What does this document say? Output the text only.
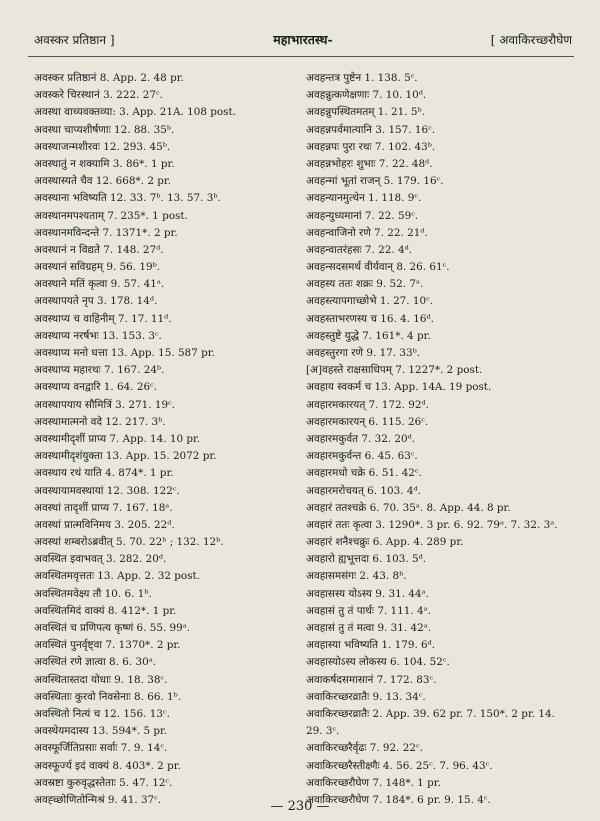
अवस्कर प्रतिष्ठान ]	महाभारतस्थ-	[ अवाकिरच्छरौघेण
अवस्कर प्रतिष्ठानं 8. App. 2. 48 pr.
अवस्करे चिरस्थानं 3. 222. 27ᶜ.
अवस्था वाच्यवक्तव्या: 3. App. 21A. 108 post.
अवस्था चाप्यशीर्षणाः 12. 88. 35ᵇ.
अवस्थाजन्मशीरवः 12. 293. 45ᵇ.
अवस्थातुं न शक्यामि 3. 86*. 1 pr.
अवस्थास्यते चैव 12. 668*. 2 pr.
अवस्थाना भविष्यति 12. 33. 7ᵇ. 13. 57. 3ᵇ.
अवस्थानमपश्यताम् 7. 235*. 1 post.
अवस्थानमविन्दन्ते 7. 1371*. 2 pr.
अवस्थानं न विद्यते 7. 148. 27ᵈ.
अवस्थानं सविग्रहम् 9. 56. 19ᵇ.
अवस्थाने मतिं कृत्वा 9. 57. 41ᵃ.
अवस्थापयते नृप 3. 178. 14ᵈ.
अवस्थाप्य च वाहिनीम् 7. 17. 11ᵈ.
अवस्थाप्य नरर्षभः 13. 153. 3ᶜ.
अवस्थाप्य मनो धत्ता 13. App. 15. 587 pr.
अवस्थाप्य महारथः 7. 167. 24ᵇ.
अवस्थाप्य वनद्वारि 1. 64. 26ᶜ.
अवस्थापयाय सौमित्रिं 3. 271. 19ᶜ.
अवस्थामात्मनो वदे 12. 217. 3ᵇ.
अवस्थामीदृशीं प्राप्य 7. App. 14. 10 pr.
अवस्थामीदृशंयुक्ता 13. App. 15. 2072 pr.
अवस्थाय रथं याति 4. 874*. 1 pr.
अवस्थायामवस्थायां 12. 308. 122ᶜ.
अवस्थां तादृशीं प्राप्य 7. 167. 18ᵃ.
अवस्थां प्रात्मविनिमय 3. 205. 22ᵈ.
अवस्थां शम्बरोऽब्रवीत् 5. 70. 22ᵇ ; 132. 12ᵇ.
अवस्थित इवाभवत् 3. 282. 20ᵈ.
अवस्थितमवृत्ततः 13. App. 2. 32 post.
अवस्थितमवेक्ष्य तौ 10. 6. 1ᵇ.
अवस्थितमिदं वाक्यं 8. 412*. 1 pr.
अवस्थितं च प्रणिपत्य कृष्णं 6. 55. 99ᵃ.
अवस्थितं पुनर्वृष्ट्वा 7. 1370*. 2 pr.
अवस्थितं रणे ज्ञात्वा 8. 6. 30ᵃ.
अवस्थितास्तदा योधाः 9. 18. 38ᶜ.
अवस्थिताः कुरवो निवसेनाः 8. 66. 1ᵇ.
अवस्थितो नित्यं च 12. 156. 13ᶜ.
अवस्थेयमदास्य 13. 594*. 5 pr.
अवस्फूर्जितिप्रसाः सर्वाः 7. 9. 14ᶜ.
अवस्फूर्ज्य इदं वाक्यं 8. 403*. 2 pr.
अवस्रष्टा कुरुवृद्धस्तेताः 5. 47. 12ᶜ.
अवह्च्छोणितोन्मिश्रं 9. 41. 37ᶜ.
अवहन्तत्र पुष्टेन 1. 138. 5ᶜ.
अवहन्नुत्कणेक्षणाः 7. 10. 10ᵈ.
अवहन्नुपस्थितमतम् 1. 21. 5ᵇ.
अवहन्नपर्वमात्यानि 3. 157. 16ᶜ.
अवहन्नपः पुरा रथः 7. 102. 43ᵇ.
अवहन्नभोहरः शुभाः 7. 22. 48ᵈ.
अवहन्मां भूतां राजन् 5. 179. 16ᶜ.
अवहन्यानमुत्थेन 1. 118. 9ᶜ.
अवहन्युध्यमानां 7. 22. 59ᶜ.
अवहन्वाजिनो रणे 7. 22. 21ᵈ.
अवहन्वातरंहसः 7. 22. 4ᵈ.
अवहन्सदसमर्थ वीर्यवान् 8. 26. 61ᶜ.
अवहस्य ततः शक्रः 9. 52. 7ᵃ.
अवहस्त्यापगाच्छोभे 1. 27. 10ᶜ.
अवहस्ताभरणस्य च 16. 4. 16ᵈ.
अवहस्तुष्टे युद्धे 7. 161*. 4 pr.
अवहस्तुरगा रणे 9. 17. 33ᵇ.
[अ]वहस्ते राक्षसाधिपम् 7. 1227*. 2 post.
अवहाय स्वकर्म च 13. App. 14A. 19 post.
अवहारमकारयत् 7. 172. 92ᵈ.
अवहारमकारयन् 6. 115. 26ᶜ.
अवहारमकुर्वत 7. 32. 20ᵈ.
अवहारमकुर्वन्त 6. 45. 63ᶜ.
अवहारमधो चक्रे 6. 51. 42ᶜ.
अवहारमरोचयत् 6. 103. 4ᵈ.
अवहारं ततश्चक्रे 6. 70. 35ᵃ. 8. App. 44. 8 pr.
अवहारं ततः कृत्वा 3. 1290*. 3 pr. 6. 92. 79ᵃ. 7. 32. 3ᵃ.
अवहारं शनैश्चक्रुः 6. App. 4. 289 pr.
अवहारो ह्यभूत्तदा 6. 103. 5ᵈ.
अवहासमसंगः 2. 43. 8ᵇ.
अवहासस्य योऽस्य 9. 31. 44ᵃ.
अवहासं तु तं पार्थः 7. 111. 4ᵃ.
अवहासं तु तं मत्वा 9. 31. 42ᵃ.
अवहास्या भविष्यति 1. 179. 6ᵈ.
अवहास्योऽस्य लोकस्य 6. 104. 52ᶜ.
अवाकर्षदसमासानं 7. 172. 83ᶜ.
अवाकिरच्छरव्रातैः 9. 13. 34ᶜ.
अवाकिरच्छरव्रातैः 2. App. 39. 62 pr. 7. 150*. 2 pr. 14. 29. 3ᶜ.
अवाकिरच्छरैर्वृढः 7. 92. 22ᶜ.
अवाकिरच्छरैस्तीक्ष्णैः 4. 56. 25ᶜ. 7. 96. 43ᶜ.
अवाकिरच्छरौघेण 7. 148*. 1 pr.
अवाकिरच्छरौघेण 7. 184*. 6 pr. 9. 15. 4ᶜ.
— 230 —
